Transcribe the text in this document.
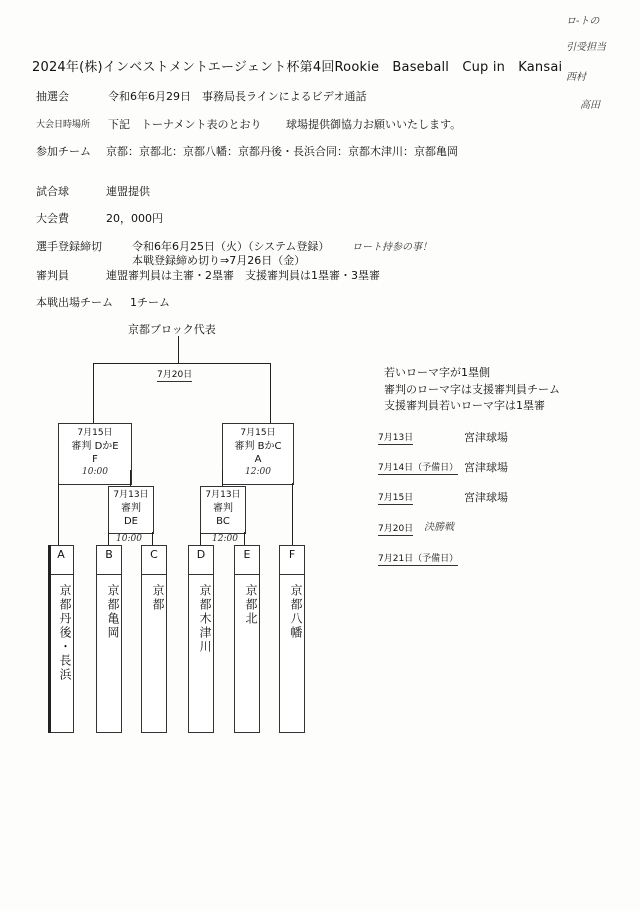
2024年(株)インベストメントエージェント杯第4回Rookie　Baseball　Cup in　Kansai
ロ-トの
引受担当
西村
高田
抽選会	令和6年6月29日　事務局長ラインによるビデオ通話
大会日時場所 下記　トーナメント表のとおり 球場提供御協力お願いいたします。
参加チーム 京都：京都北：京都八幡：京都丹後・長浜合同：京都木津川：京都亀岡
試合球	連盟提供
大会費	20，000円
選手登録締切	令和6年6月25日（火）（システム登録） ロート持参の事！
本戦登録締め切り⇒7月26日（金）
審判員	連盟審判員は主審・2塁審　支援審判員は1塁審・3塁審
本戦出場チーム 1チーム
京都ブロック代表
7月20日
7月15日
審判 DかE
F
10:00
7月15日
審判 BかC
A
12:00
7月13日
審判
DE
10:00
7月13日
審判
BC
12:00
A
京都丹後・長浜
B
京都亀岡
C
京都
D
京都木津川
E
京都北
F
京都八幡
若いローマ字が1塁側
審判のローマ字は支援審判員チーム
支援審判員若いローマ字は1塁審
7月13日	宮津球場
7月14日（予備日） 宮津球場
7月15日	宮津球場
7月20日 決勝戦
7月21日（予備日）
